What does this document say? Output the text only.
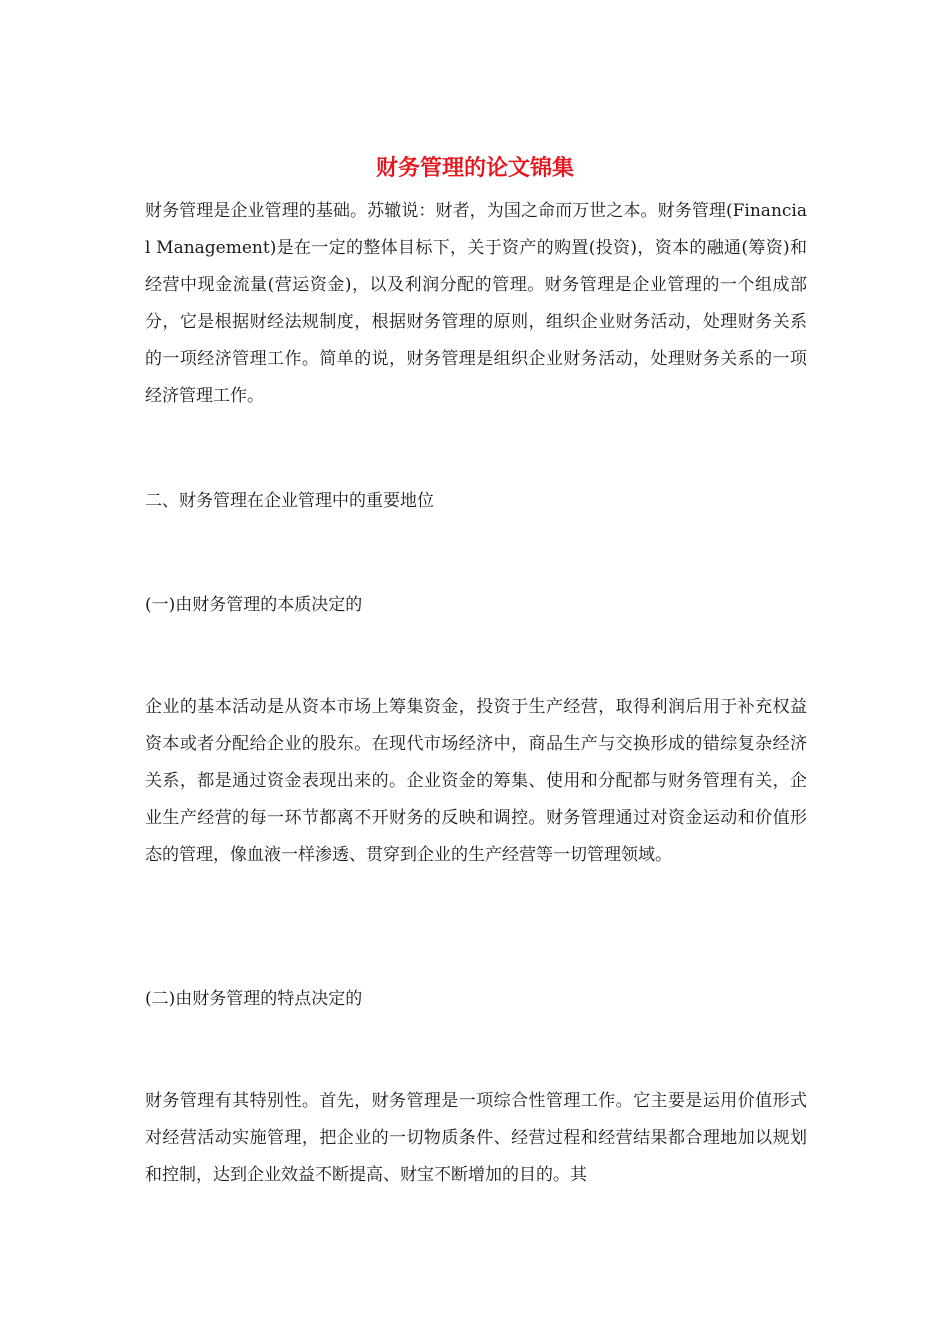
财务管理的论文锦集

财务管理是企业管理的基础。苏辙说：财者，为国之命而万世之本。财务管理(Financial Management)是在一定的整体目标下，关于资产的购置(投资)，资本的融通(筹资)和经营中现金流量(营运资金)，以及利润分配的管理。财务管理是企业管理的一个组成部分，它是根据财经法规制度，根据财务管理的原则，组织企业财务活动，处理财务关系的一项经济管理工作。简单的说，财务管理是组织企业财务活动，处理财务关系的一项经济管理工作。

二、财务管理在企业管理中的重要地位

(一)由财务管理的本质决定的

企业的基本活动是从资本市场上筹集资金，投资于生产经营，取得利润后用于补充权益资本或者分配给企业的股东。在现代市场经济中，商品生产与交换形成的错综复杂经济关系，都是通过资金表现出来的。企业资金的筹集、使用和分配都与财务管理有关，企业生产经营的每一环节都离不开财务的反映和调控。财务管理通过对资金运动和价值形态的管理，像血液一样渗透、贯穿到企业的生产经营等一切管理领域。

(二)由财务管理的特点决定的

财务管理有其特别性。首先，财务管理是一项综合性管理工作。它主要是运用价值形式对经营活动实施管理，把企业的一切物质条件、经营过程和经营结果都合理地加以规划和控制，达到企业效益不断提高、财宝不断增加的目的。其
